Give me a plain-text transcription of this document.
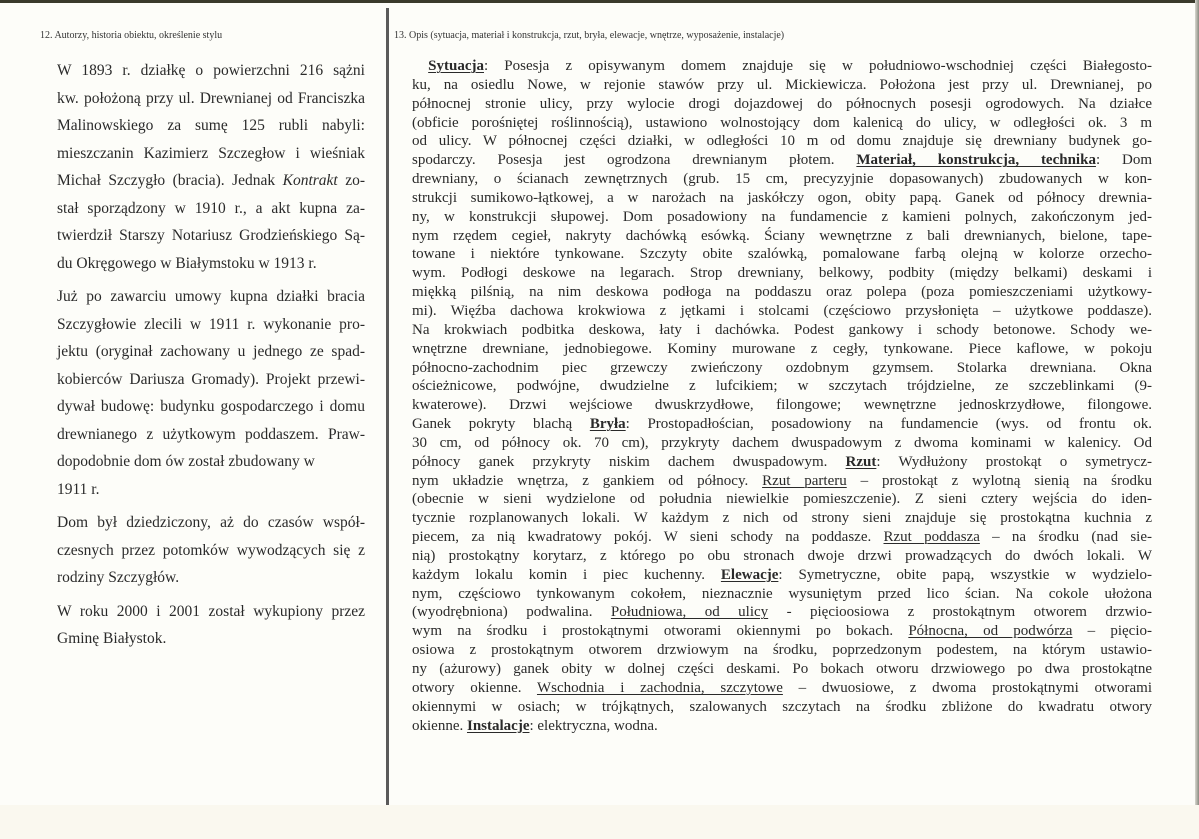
12. Autorzy, historia obiektu, określenie stylu

W 1893 r. działkę o powierzchni 216 sążni
kw. położoną przy ul. Drewnianej od Franciszka
Malinowskiego za sumę 125 rubli nabyli:
mieszczanin Kazimierz Szczegłow i wieśniak
Michał Szczygło (bracia). Jednak Kontrakt zo-
stał sporządzony w 1910 r., a akt kupna za-
twierdził Starszy Notariusz Grodzieńskiego Są-
du Okręgowego w Białymstoku w 1913 r.

Już po zawarciu umowy kupna działki bracia
Szczygłowie zlecili w 1911 r. wykonanie pro-
jektu (oryginał zachowany u jednego ze spad-
kobierców Dariusza Gromady). Projekt przewi-
dywał budowę: budynku gospodarczego i domu
drewnianego z użytkowym poddaszem. Praw-
dopodobnie dom ów został zbudowany w
1911 r.

Dom był dziedziczony, aż do czasów współ-
czesnych przez potomków wywodzących się z
rodziny Szczygłów.

W roku 2000 i 2001 został wykupiony przez
Gminę Białystok.

13. Opis (sytuacja, materiał i konstrukcja, rzut, bryła, elewacje, wnętrze, wyposażenie, instalacje)
Sytuacja: Posesja z opisywanym domem znajduje się w południowo-wschodniej części Białegosto-
ku, na osiedlu Nowe, w rejonie stawów przy ul. Mickiewicza. Położona jest przy ul. Drewnianej, po
północnej stronie ulicy, przy wylocie drogi dojazdowej do północnych posesji ogrodowych. Na działce
(obficie porośniętej roślinnością), ustawiono wolnostojący dom kalenicą do ulicy, w odległości ok. 3 m
od ulicy. W północnej części działki, w odległości 10 m od domu znajduje się drewniany budynek go-
spodarczy. Posesja jest ogrodzona drewnianym płotem. Materiał, konstrukcja, technika: Dom
drewniany, o ścianach zewnętrznych (grub. 15 cm, precyzyjnie dopasowanych) zbudowanych w kon-
strukcji sumikowo-łątkowej, a w narożach na jaskółczy ogon, obity papą. Ganek od północy drewnia-
ny, w konstrukcji słupowej. Dom posadowiony na fundamencie z kamieni polnych, zakończonym jed-
nym rzędem cegieł, nakryty dachówką esówką. Ściany wewnętrzne z bali drewnianych, bielone, tape-
towane i niektóre tynkowane. Szczyty obite szalówką, pomalowane farbą olejną w kolorze orzecho-
wym. Podłogi deskowe na legarach. Strop drewniany, belkowy, podbity (między belkami) deskami i
miękką pilśnią, na nim deskowa podłoga na poddaszu oraz polepa (poza pomieszczeniami użytkowy-
mi). Więźba dachowa krokwiowa z jętkami i stolcami (częściowo przysłonięta – użytkowe poddasze).
Na krokwiach podbitka deskowa, łaty i dachówka. Podest gankowy i schody betonowe. Schody we-
wnętrzne drewniane, jednobiegowe. Kominy murowane z cegły, tynkowane. Piece kaflowe, w pokoju
północno-zachodnim piec grzewczy zwieńczony ozdobnym gzymsem. Stolarka drewniana. Okna
ościeżnicowe, podwójne, dwudzielne z lufcikiem; w szczytach trójdzielne, ze szczeblinkami (9-
kwaterowe). Drzwi wejściowe dwuskrzydłowe, filongowe; wewnętrzne jednoskrzydłowe, filongowe.
Ganek pokryty blachą Bryła: Prostopadłościan, posadowiony na fundamencie (wys. od frontu ok.
30 cm, od północy ok. 70 cm), przykryty dachem dwuspadowym z dwoma kominami w kalenicy. Od
północy ganek przykryty niskim dachem dwuspadowym. Rzut: Wydłużony prostokąt o symetrycz-
nym układzie wnętrza, z gankiem od północy. Rzut parteru – prostokąt z wylotną sienią na środku
(obecnie w sieni wydzielone od południa niewielkie pomieszczenie). Z sieni cztery wejścia do iden-
tycznie rozplanowanych lokali. W każdym z nich od strony sieni znajduje się prostokątna kuchnia z
piecem, za nią kwadratowy pokój. W sieni schody na poddasze. Rzut poddasza – na środku (nad sie-
nią) prostokątny korytarz, z którego po obu stronach dwoje drzwi prowadzących do dwóch lokali. W
każdym lokalu komin i piec kuchenny. Elewacje: Symetryczne, obite papą, wszystkie w wydzielo-
nym, częściowo tynkowanym cokołem, nieznacznie wysuniętym przed lico ścian. Na cokole ułożona
(wyodrębniona) podwalina. Południowa, od ulicy - pięcioosiowa z prostokątnym otworem drzwio-
wym na środku i prostokątnymi otworami okiennymi po bokach. Północna, od podwórza – pięcio-
osiowa z prostokątnym otworem drzwiowym na środku, poprzedzonym podestem, na którym ustawio-
ny (ażurowy) ganek obity w dolnej części deskami. Po bokach otworu drzwiowego po dwa prostokątne
otwory okienne. Wschodnia i zachodnia, szczytowe – dwuosiowe, z dwoma prostokątnymi otworami
okiennymi w osiach; w trójkątnych, szalowanych szczytach na środku zbliżone do kwadratu otwory
okienne. Instalacje: elektryczna, wodna.
